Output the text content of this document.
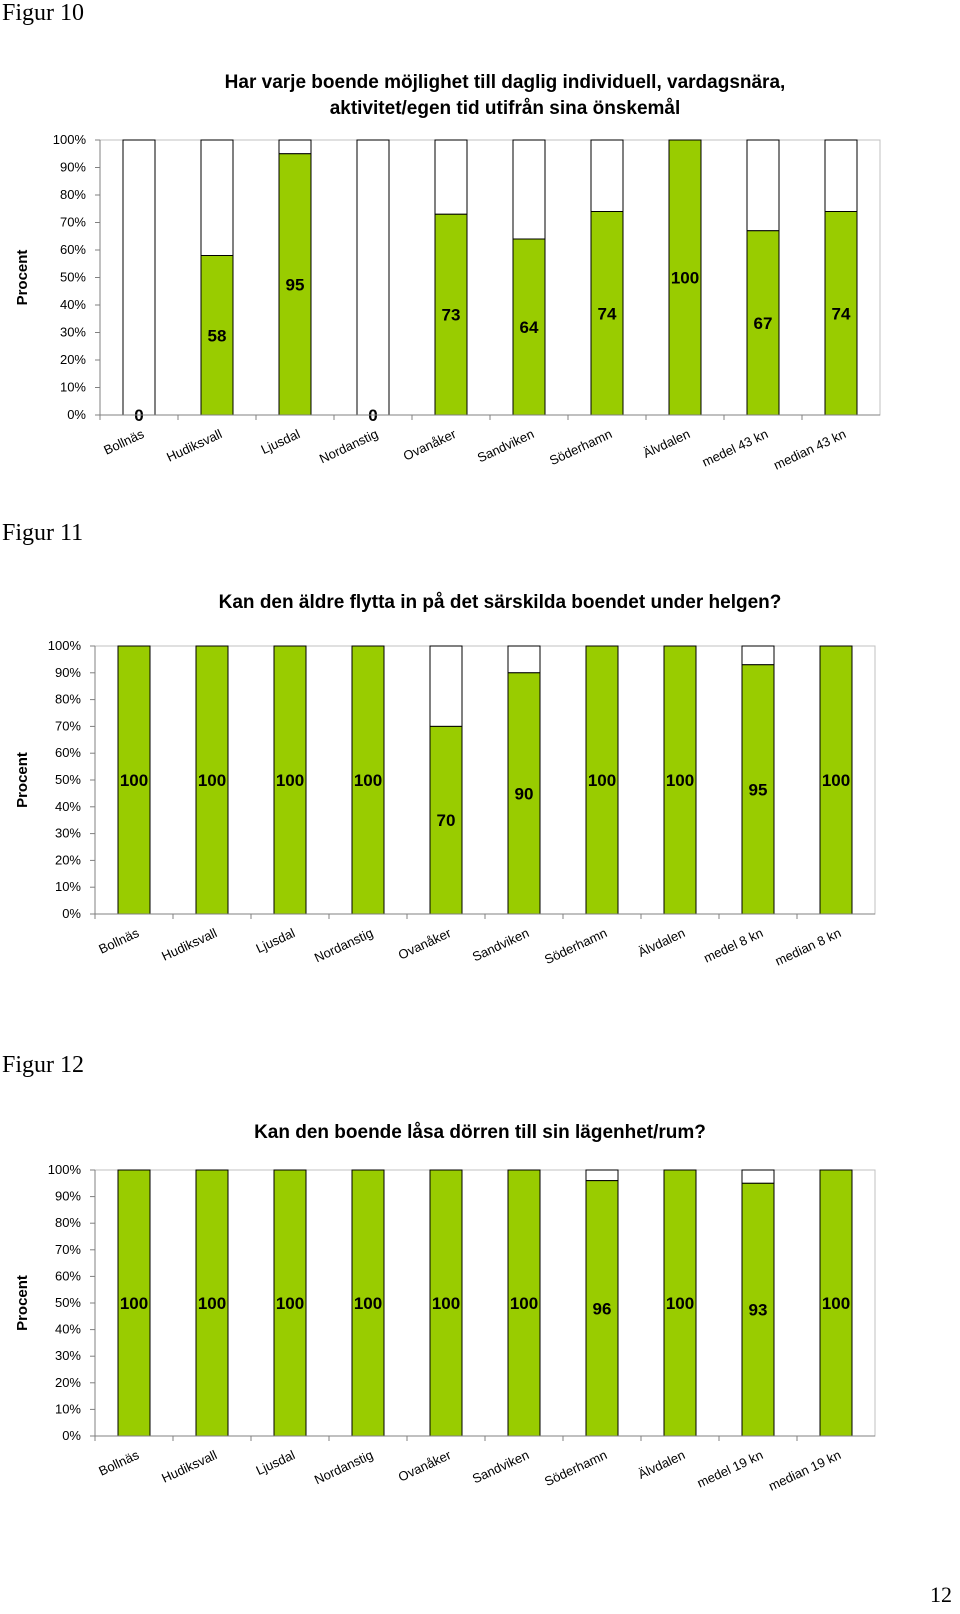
Figur 10
Har varje boende möjlighet till daglig individuell, vardagsnära,
aktivitet/egen tid utifrån sina önskemål
0%
10%
20%
30%
40%
50%
60%
70%
80%
90%
100%
Procent
0
Bollnäs
58
Hudiksvall
95
Ljusdal
0
Nordanstig
73
Ovanåker
64
Sandviken
74
Söderhamn
100
Älvdalen
67
medel 43 kn
74
median 43 kn
Figur 11
Kan den äldre flytta in på det särskilda boendet under helgen?
0%
10%
20%
30%
40%
50%
60%
70%
80%
90%
100%
Procent	100
Bollnäs
100
Hudiksvall
100
Ljusdal
100
Nordanstig
70
Ovanåker
90
Sandviken
100
Söderhamn
100
Älvdalen
95
medel 8 kn
100
median 8 kn
Figur 12
Kan den boende låsa dörren till sin lägenhet/rum?
0%
10%
20%
30%
40%
50%
60%
70%
80%
90%
100%
Procent	100
Bollnäs
100
Hudiksvall
100
Ljusdal
100
Nordanstig
100
Ovanåker
100
Sandviken
96
Söderhamn
100
Älvdalen
93
medel 19 kn
100
median 19 kn
12
